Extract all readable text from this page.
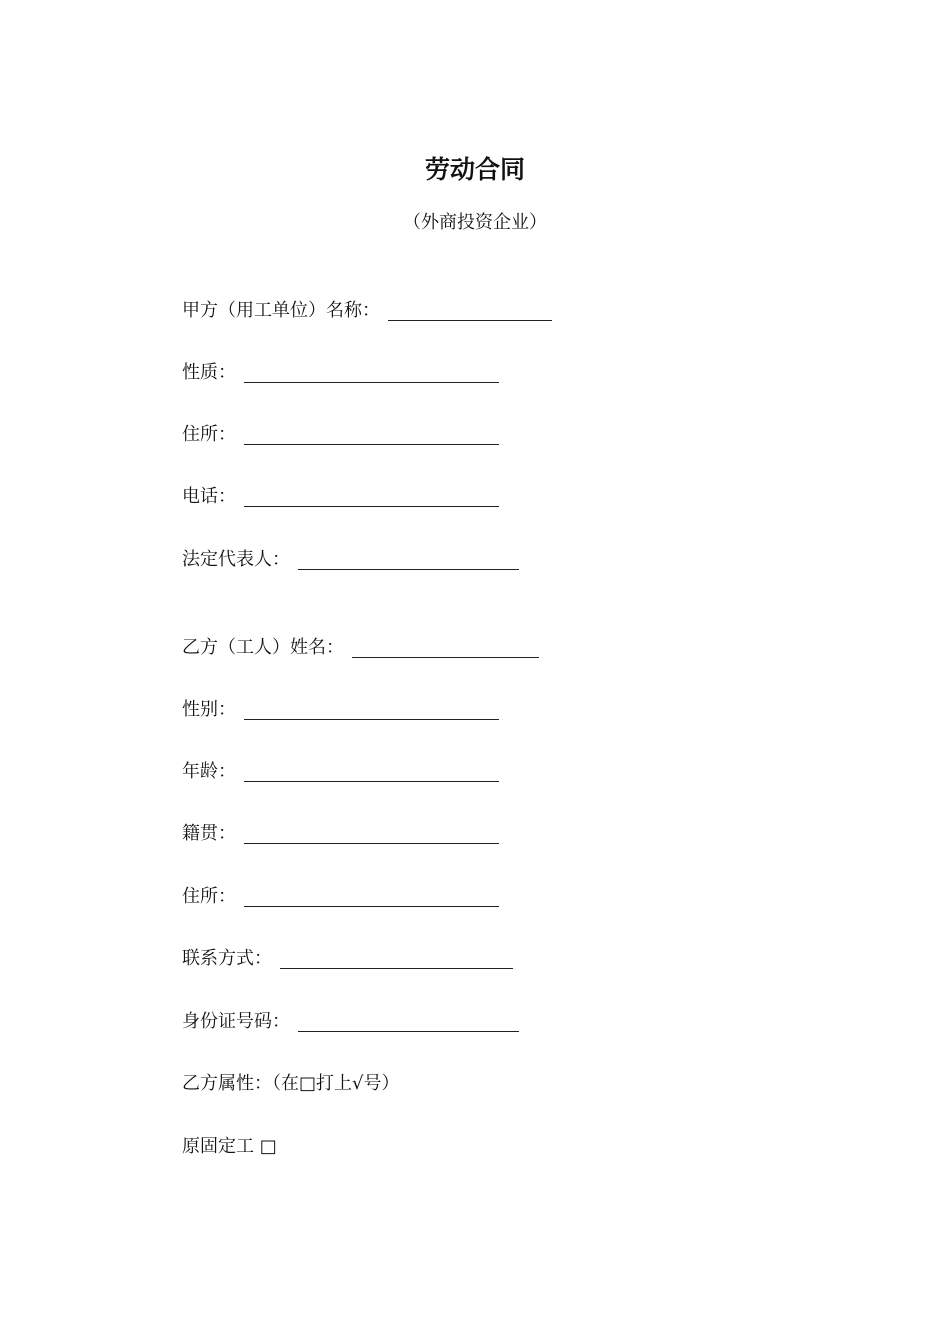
劳动合同
（外商投资企业）
甲方（用工单位）名称：
性质：
住所：
电话：
法定代表人：
乙方（工人）姓名：
性别：
年龄：
籍贯：
住所：
联系方式：
身份证号码：
乙方属性：（在□打上√号）
原固定工 □
